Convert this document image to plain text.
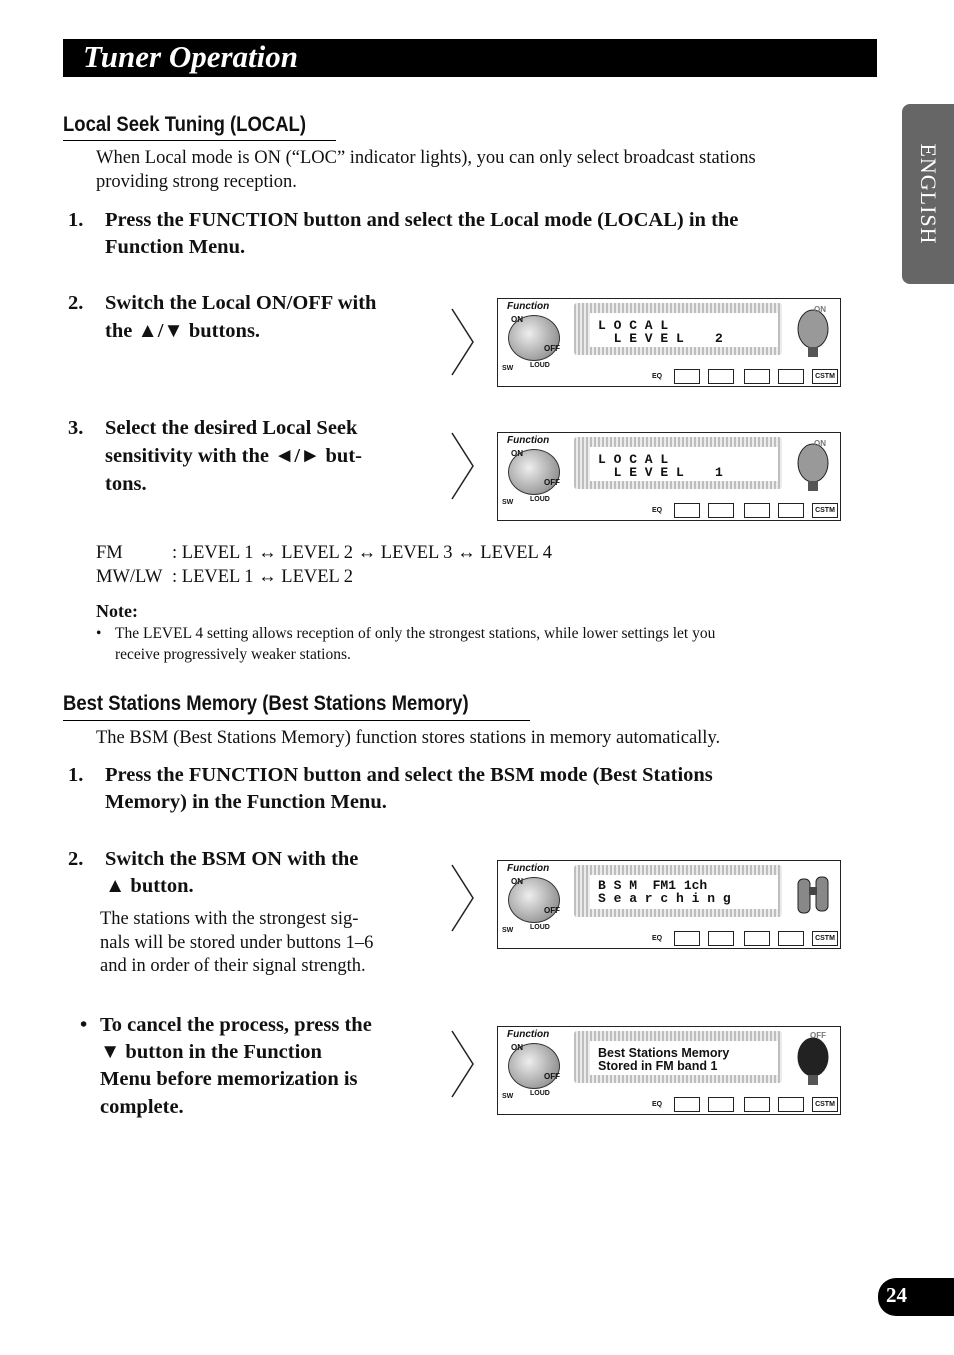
Tuner Operation
ENGLISH
Local Seek Tuning (LOCAL)
When Local mode is ON (“LOC” indicator lights), you can only select broadcast stations
providing strong reception.
1. Press the FUNCTION button and select the Local mode (LOCAL) in the
Function Menu.
2. Switch the Local ON/OFF with
the ▲/▼ buttons.
3. Select the desired Local Seek
sensitivity with the ◄/► but-
tons.
Function
L O C A L
L E V E L    2
ON
OFF
ON
SW	LOUD
EQ	CSTM
Function
L O C A L
L E V E L    1
ON
OFF
ON
SW	LOUD
EQ	CSTM
FM	: LEVEL 1 ↔ LEVEL 2 ↔ LEVEL 3 ↔ LEVEL 4
MW/LW : LEVEL 1 ↔ LEVEL 2
Note:
• The LEVEL 4 setting allows reception of only the strongest stations, while lower settings let you
receive progressively weaker stations.
Best Stations Memory (Best Stations Memory)
The BSM (Best Stations Memory) function stores stations in memory automatically.
1. Press the FUNCTION button and select the BSM mode (Best Stations
Memory) in the Function Menu.
2. Switch the BSM ON with the
▲ button.
The stations with the strongest sig-
nals will be stored under buttons 1–6
and in order of their signal strength.
• To cancel the process, press the
▼ button in the Function
Menu before memorization is
complete.
Function
B S M  FM1 1ch
S e a r c h i n g
ON
OFF
SW	LOUD
EQ	CSTM
Function
Best Stations Memory
Stored in FM band 1
ON
OFF
OFF
SW	LOUD
EQ	CSTM
24
